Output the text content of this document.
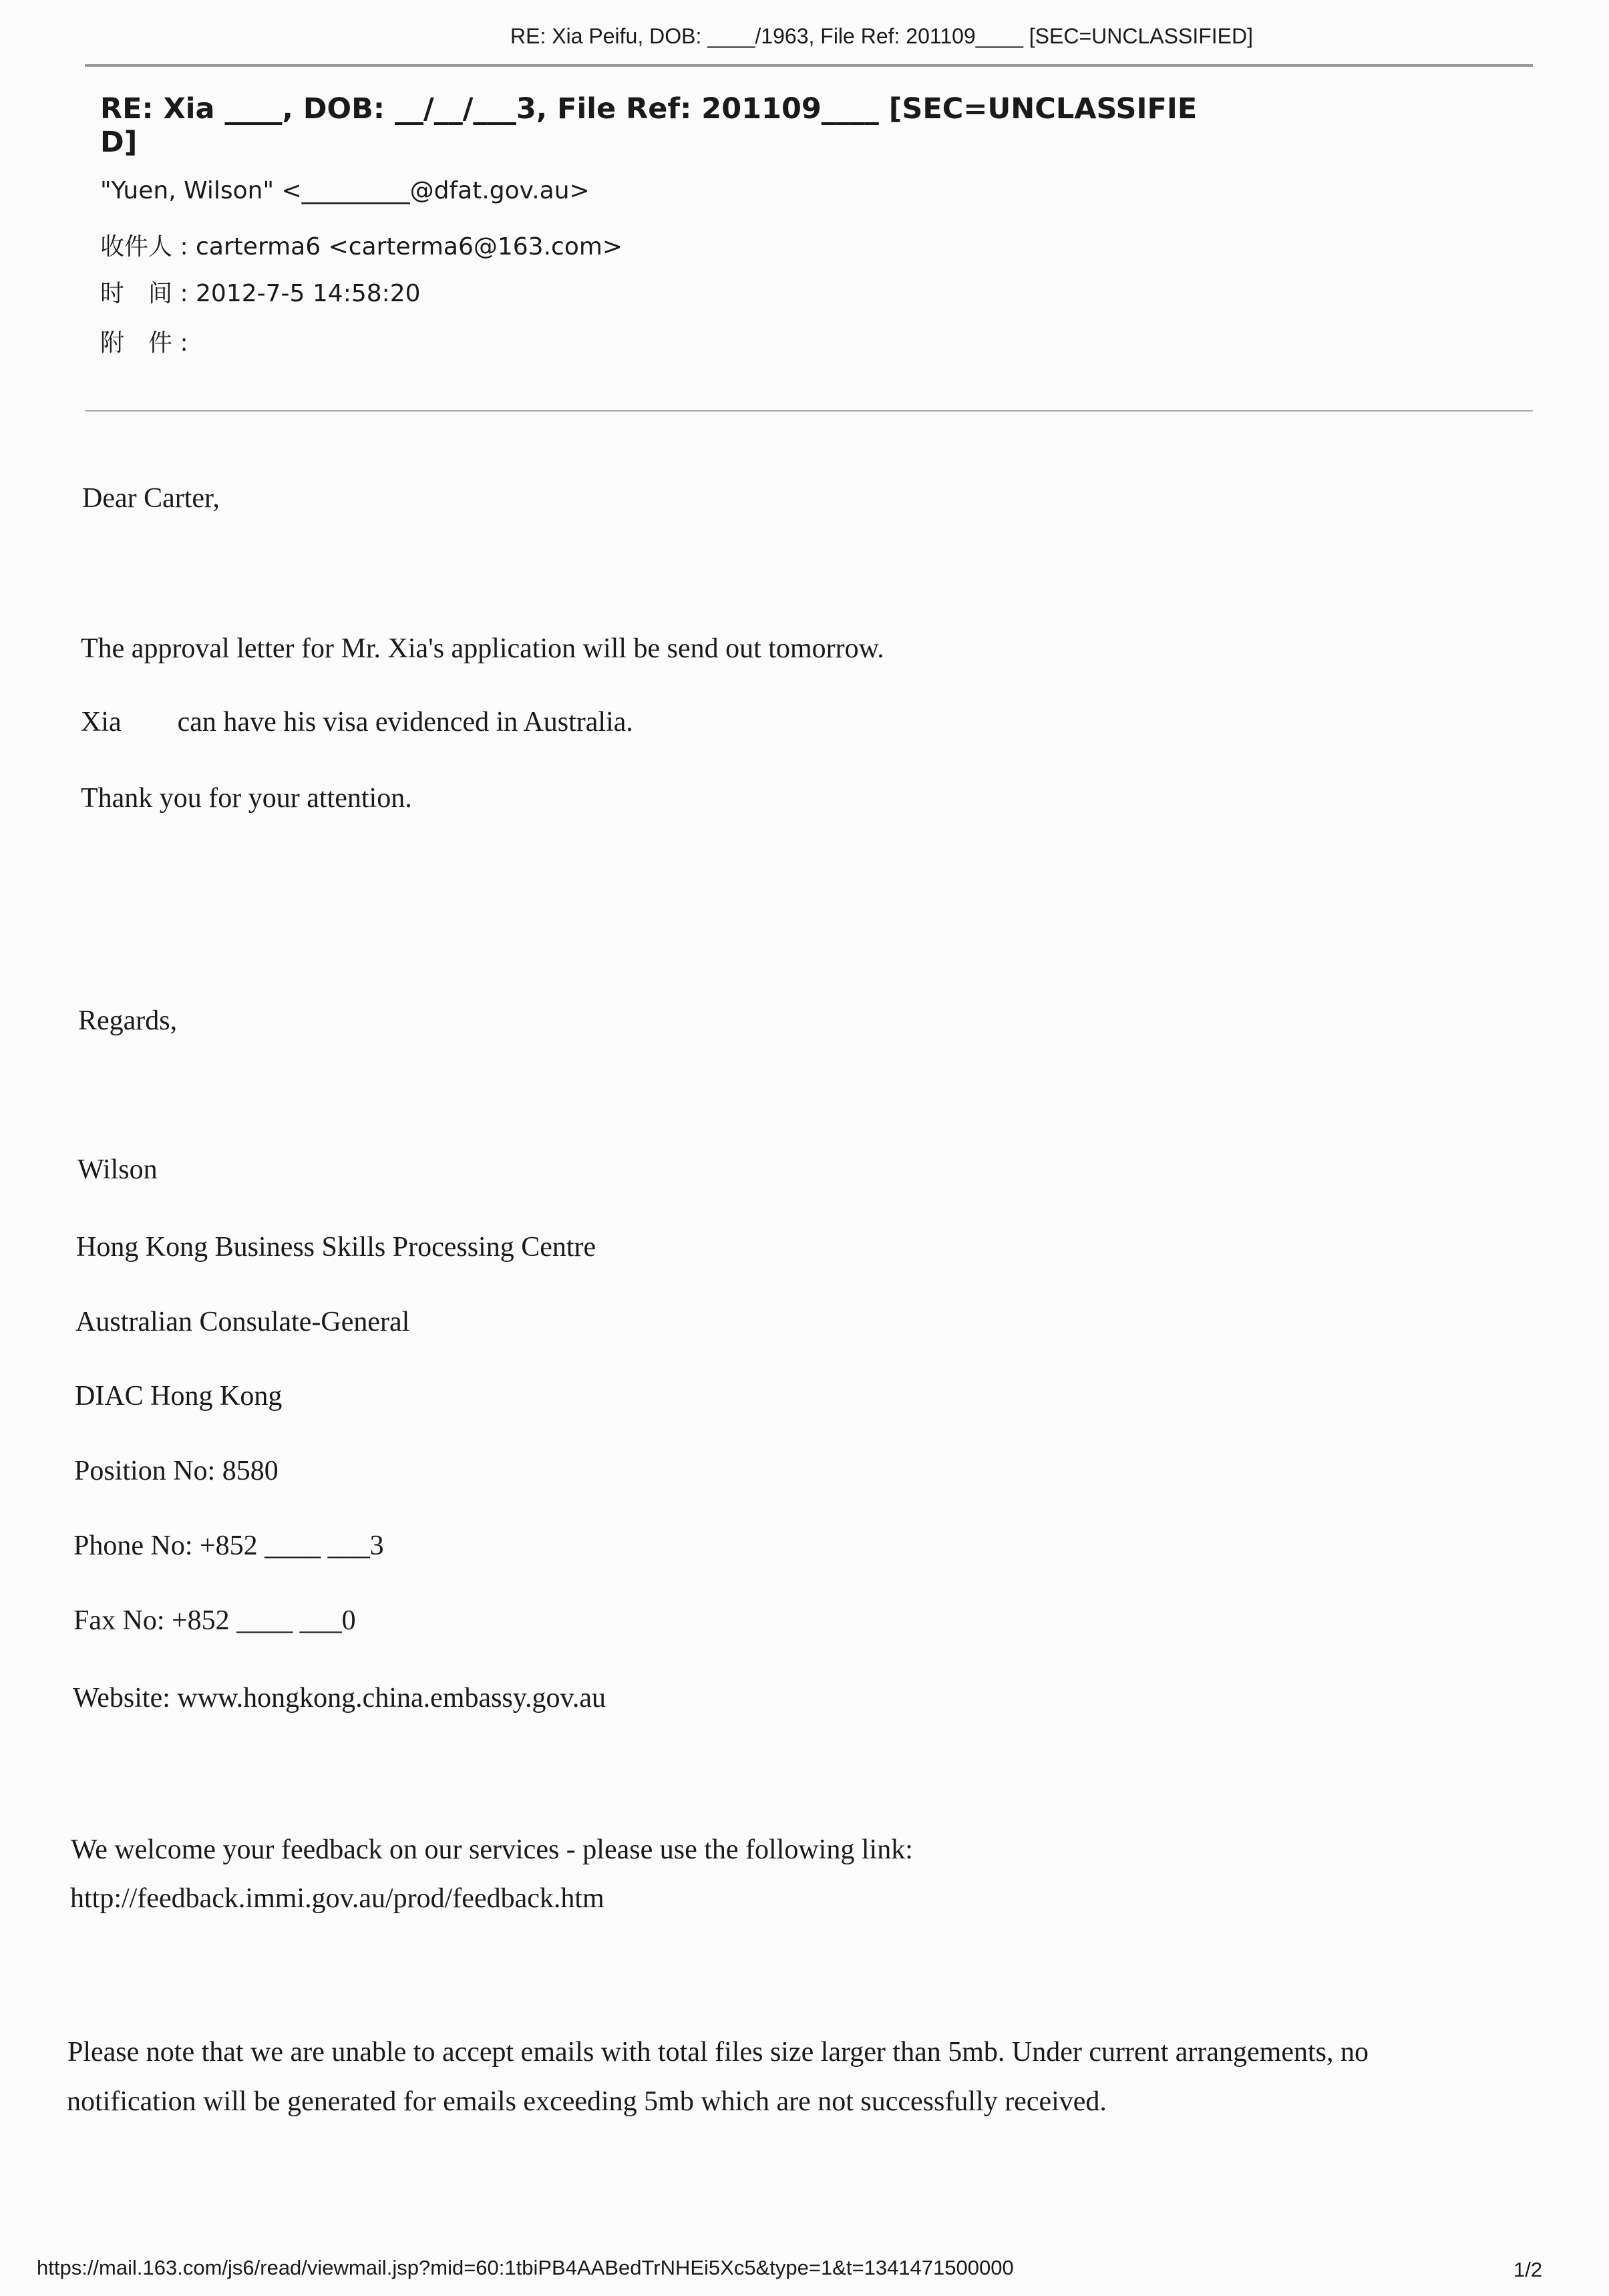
RE: Xia Peifu, DOB: ____/1963, File Ref: 201109____ [SEC=UNCLASSIFIED]
RE: Xia ____, DOB: __/__/___3, File Ref: 201109____ [SEC=UNCLASSIFIE
D]
"Yuen, Wilson" <_________@dfat.gov.au>
收件人 : carterma6 <carterma6@163.com>
时　间 : 2012-7-5 14:58:20
附　件 :
Dear Carter,
The approval letter for Mr. Xia's application will be send out tomorrow.
Xia        can have his visa evidenced in Australia.
Thank you for your attention.
Regards,
Wilson
Hong Kong Business Skills Processing Centre
Australian Consulate-General
DIAC Hong Kong
Position No: 8580
Phone No: +852 ____ ___3
Fax No: +852 ____ ___0
Website: www.hongkong.china.embassy.gov.au
We welcome your feedback on our services - please use the following link:
http://feedback.immi.gov.au/prod/feedback.htm
Please note that we are unable to accept emails with total files size larger than 5mb. Under current arrangements, no
notification will be generated for emails exceeding 5mb which are not successfully received.
https://mail.163.com/js6/read/viewmail.jsp?mid=60:1tbiPB4AABedTrNHEi5Xc5&type=1&t=1341471500000	1/2
